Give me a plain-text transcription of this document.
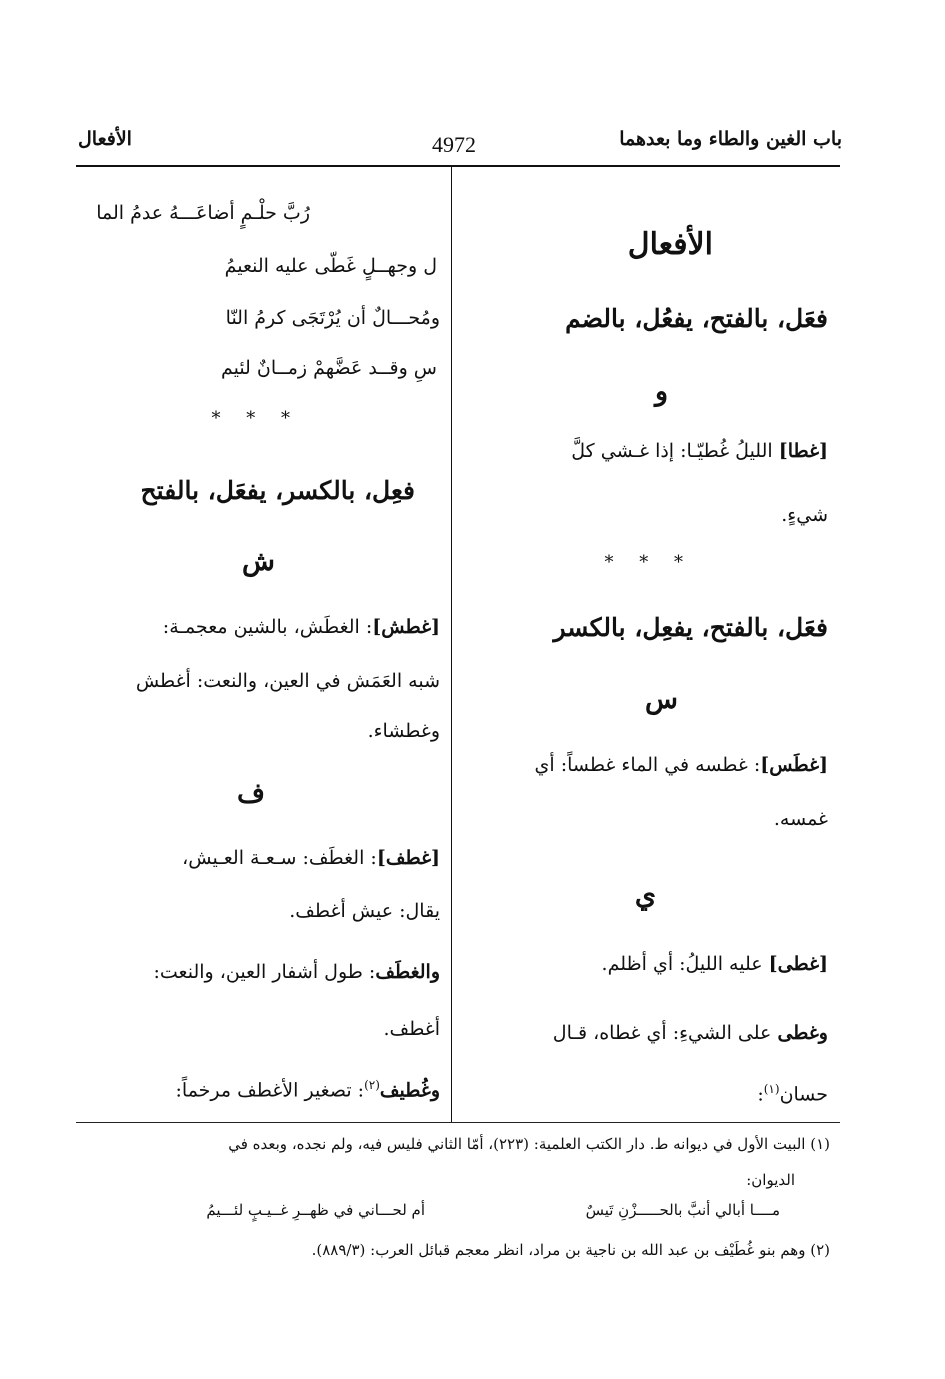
باب الغين والطاء وما بعدهما
4972
الأفعال
الأفعال
فعَل، بالفتح، يفعُل، بالضم
و
[غطا] الليلُ غُطيّـا: إذا غـشي كلَّ
شيءٍ.
* * *
فعَل، بالفتح، يفعِل، بالكسر
س
[غطَس]: غطسه في الماء غطساً: أي
غمسه.
ي
[غطى] عليه الليلُ: أي أظلم.
وغطى على الشيءِ: أي غطاه، قـال
حسان$^{(١)}$:
رُبَّ حلْـمٍ أضاعَـــهُ عدمُ الما
ل وجهــلٍ غَطّى عليه النعيمُ
ومُحـــالٌ أن يُرْتَجَى كرمُ النّا
سِ وقــد عَضَّهمْ زمــانٌ لئيم
* * *
فعِل، بالكسر، يفعَل، بالفتح
ش
[غطش]: الغطَش، بالشين معجمـة:
شبه العَمَش في العين، والنعت: أغطش
وغطشاء.
ف
[غطف]: الغطَف: سـعـة العـيش،
يقال: عيش أغطف.
والغطَف: طول أشفار العين، والنعت:
أغطف.
وغُطيف$^{(٢)}$: تصغير الأغطف مرخماً:
(١) البيت الأول في ديوانه ط. دار الكتب العلمية: (٢٢٣)، أمّا الثاني فليس فيه، ولم نجده، وبعده في
الديوان:
مــــا أبالي أنبَّ بالحـــــزْنِ تَيسٌ
أم لحـــاني في ظهــرِ غــيـبٍ لئـــيمُ
(٢) وهم بنو غُطَيْف بن عبد الله بن ناجية بن مراد، انظر معجم قبائل العرب: (٨٨٩/٣).
